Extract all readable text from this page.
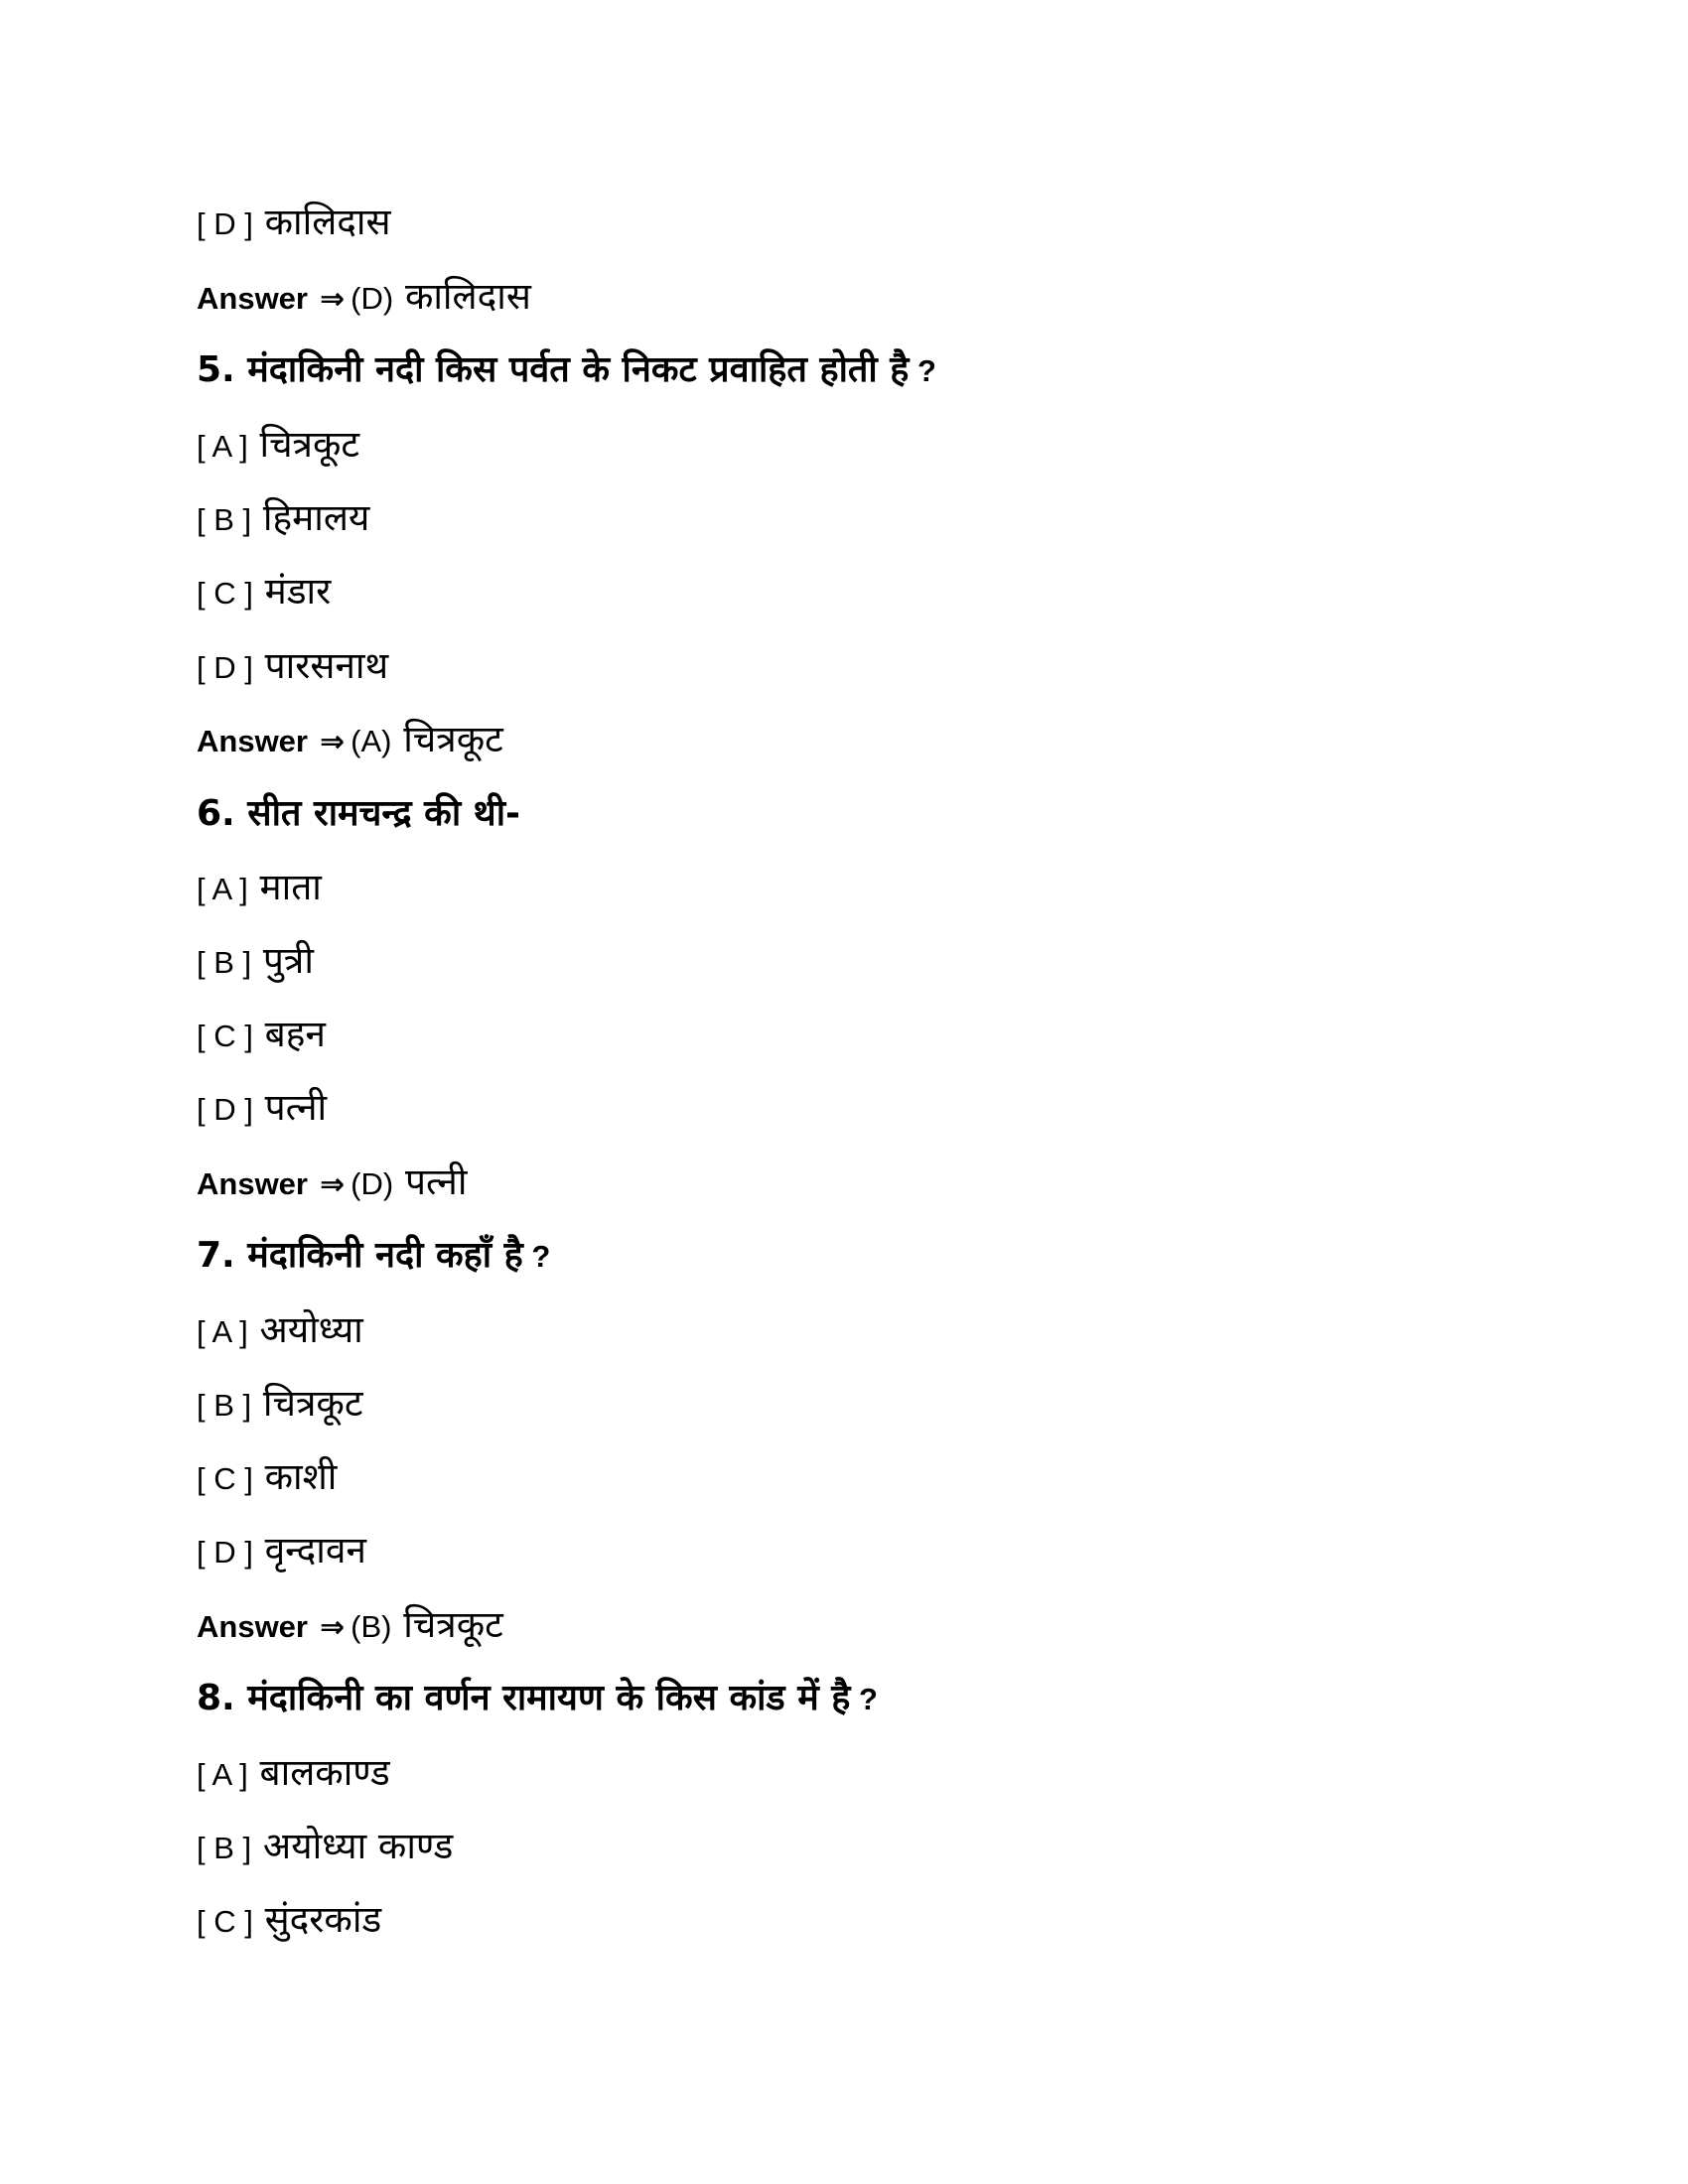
[ D ] कालिदास
Answer ⇒ (D) कालिदास
5. मंदाकिनी नदी किस पर्वत के निकट प्रवाहित होती है ?
[ A ] चित्रकूट
[ B ] हिमालय
[ C ] मंडार
[ D ] पारसनाथ
Answer ⇒ (A) चित्रकूट
6. सीत रामचन्द्र की थी-
[ A ] माता
[ B ] पुत्री
[ C ] बहन
[ D ] पत्नी
Answer ⇒ (D) पत्नी
7. मंदाकिनी नदी कहाँ है ?
[ A ] अयोध्या
[ B ] चित्रकूट
[ C ] काशी
[ D ] वृन्दावन
Answer ⇒ (B) चित्रकूट
8. मंदाकिनी का वर्णन रामायण के किस कांड में है ?
[ A ] बालकाण्ड
[ B ] अयोध्या काण्ड
[ C ] सुंदरकांड
